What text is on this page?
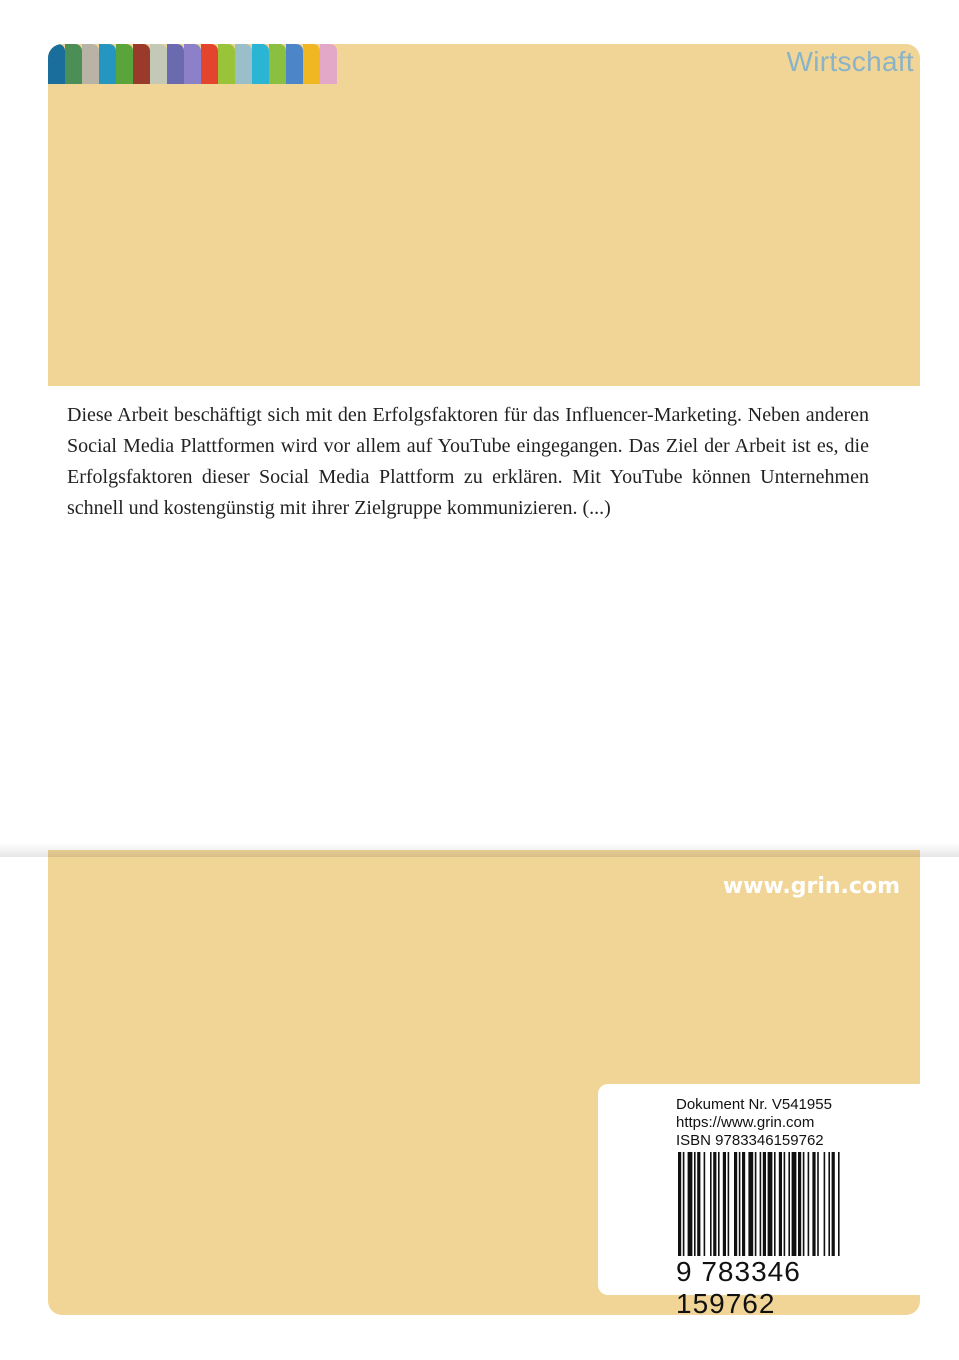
Wirtschaft

Diese Arbeit beschäftigt sich mit den Erfolgsfaktoren für das Influencer-Marketing. Neben anderen Social Media Plattformen wird vor allem auf YouTube eingegangen. Das Ziel der Arbeit ist es, die Erfolgsfaktoren dieser Social Media Plattform zu erklären. Mit YouTube können Unternehmen schnell und kostengünstig mit ihrer Zielgruppe kommunizieren. (...)

www.grin.com
Dokument Nr. V541955
https://www.grin.com
ISBN 9783346159762
9 783346 159762
